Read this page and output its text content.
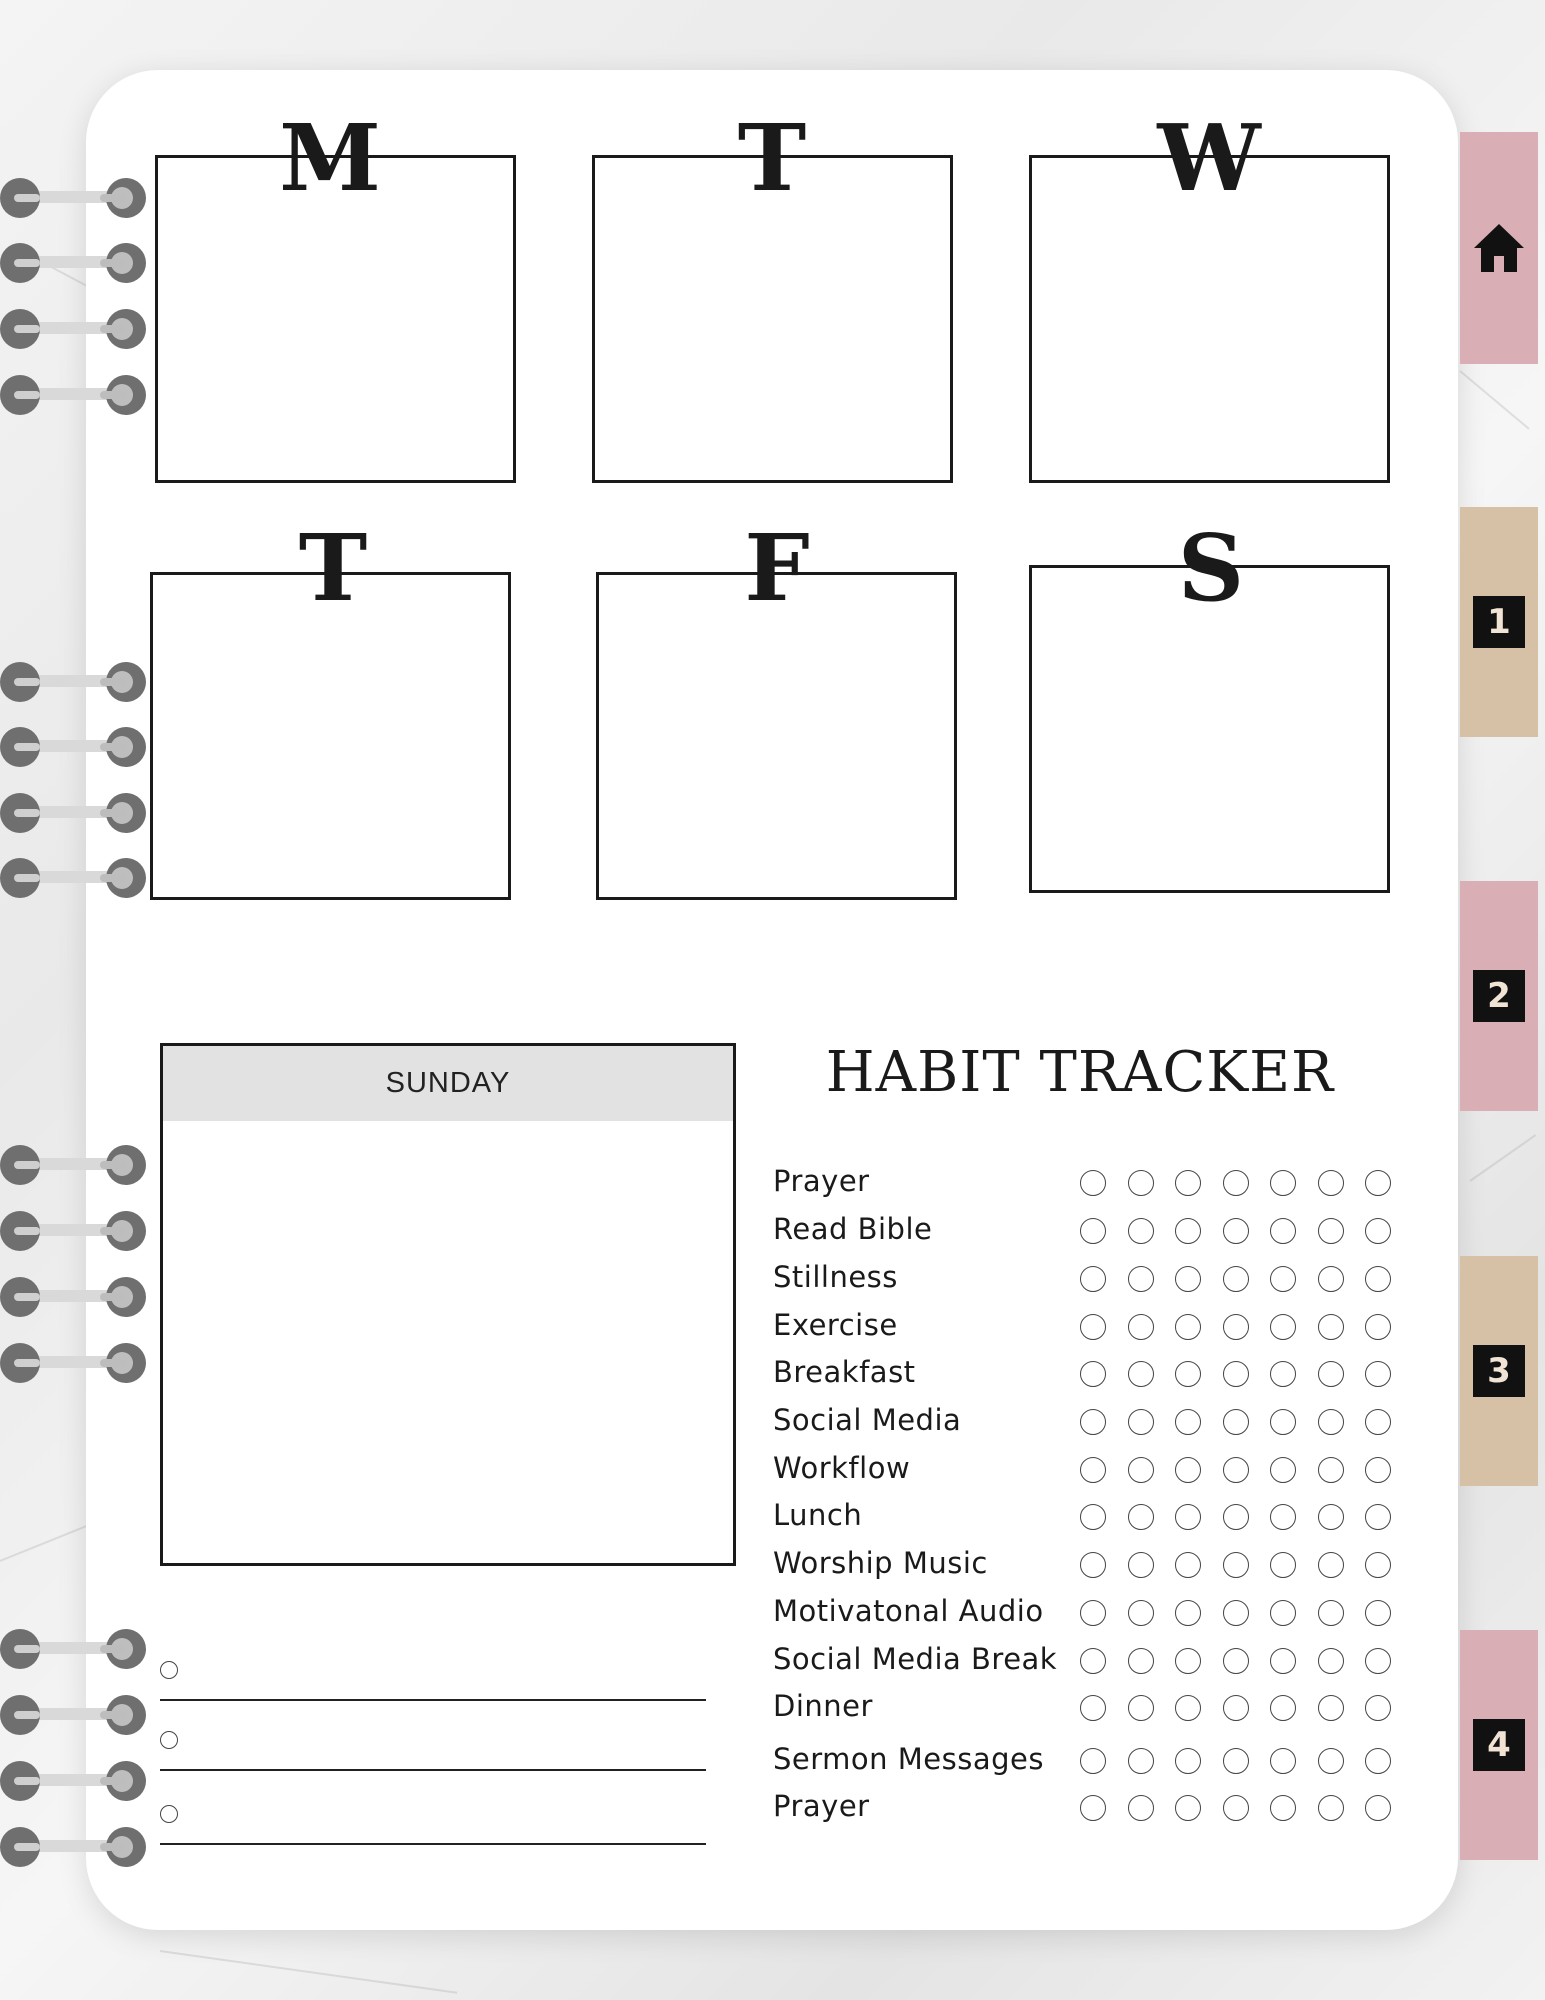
1
2
3
4
M	T	W
T	F	S
SUNDAY	HABIT TRACKER
Prayer
Read Bible
Stillness
Exercise
Breakfast
Social Media
Workflow
Lunch
Worship Music
Motivatonal Audio
Social Media Break
Dinner
Sermon Messages
Prayer
